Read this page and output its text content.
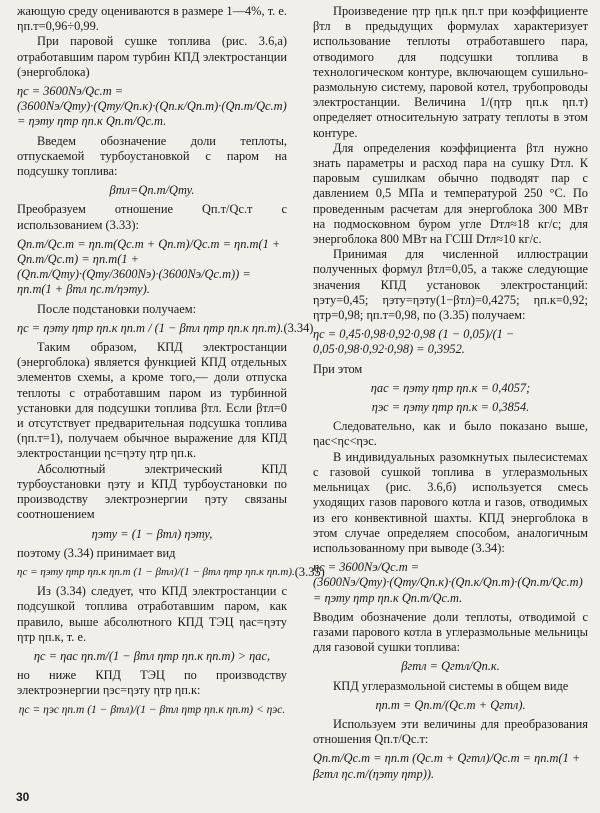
жающую среду оцениваются в размере 1—4%, т. е. ηп.т=0,96÷0,99.

При паровой сушке топлива (рис. 3.6,а) отработавшим паром турбин КПД электростанции (энергоблока)

ηс = 3600Nэ/Qс.т = (3600Nэ/Qту)·(Qту/Qп.к)·(Qп.к/Qп.т)·(Qп.т/Qс.т) = ηэту ηтр ηп.к Qп.т/Qс.т.

Введем обозначение доли теплоты, отпускаемой турбоустановкой с паром на подсушку топлива:

βтл=Qп.т/Qту.

Преобразуем отношение Qп.т/Qс.т с использованием (3.33):

Qп.т/Qс.т = ηп.т(Qс.т + Qп.т)/Qс.т = ηп.т(1 + Qп.т/Qс.т) = ηп.т(1 + (Qп.т/Qту)·(Qту/3600Nэ)·(3600Nэ/Qс.т)) = ηп.т(1 + βтл ηс.т/ηэту).

После подстановки получаем:

ηс = ηэту ηтр ηп.к ηп.т / (1 − βтл ηтр ηп.к ηп.т). (3.34)

Таким образом, КПД электростанции (энергоблока) является функцией КПД отдельных элементов схемы, а кроме того,— доли отпуска теплоты с отработавшим паром из турбинной установки для подсушки топлива βтл. Если βтл=0 и отсутствует предварительная подсушка топлива (ηп.т=1), получаем обычное выражение для КПД электростанции ηс=ηэту ηтр ηп.к.

Абсолютный электрический КПД турбоустановки ηэту и КПД турбоустановки по производству электроэнергии ηэту связаны соотношением

ηэту = (1 − βтл) ηэту,

поэтому (3.34) принимает вид

ηс = ηэту ηтр ηп.к ηп.т (1 − βтл)/(1 − βтл ηтр ηп.к ηп.т). (3.35)

Из (3.34) следует, что КПД электростанции с подсушкой топлива отработавшим паром, как правило, выше абсолютного КПД ТЭЦ ηас=ηэту ηтр ηп.к, т. е.

ηс = ηас ηп.т/(1 − βтл ηтр ηп.к ηп.т) > ηас,

но ниже КПД ТЭЦ по производству электроэнергии ηэс=ηэту ηтр ηп.к:

ηс = ηэс ηп.т (1 − βтл)/(1 − βтл ηтр ηп.к ηп.т) < ηэс.

Произведение ηтр ηп.к ηп.т при коэффициенте βтл в предыдущих формулах характеризует использование теплоты отработавшего пара, отводимого для подсушки топлива в технологическом контуре, включающем сушильно-размольную систему, паровой котел, трубопроводы электростанции. Величина 1/(ηтр ηп.к ηп.т) определяет относительную затрату теплоты в этом контуре.

Для определения коэффициента βтл нужно знать параметры и расход пара на сушку Dтл. К паровым сушилкам обычно подводят пар с давлением 0,5 МПа и температурой 250 °С. По проведенным расчетам для энергоблока 300 МВт на подмосковном буром угле Dтл≈18 кг/с; для энергоблока 800 МВт на ГСШ Dтл≈10 кг/с.

Принимая для численной иллюстрации полученных формул βтл=0,05, а также следующие значения КПД установок электростанций: ηэту=0,45; ηэту=ηэту(1−βтл)=0,4275; ηп.к=0,92; ηтр=0,98; ηп.т=0,98, по (3.35) получаем:

ηс = 0,45·0,98·0,92·0,98 (1 − 0,05)/(1 − 0,05·0,98·0,92·0,98) = 0,3952.

При этом

ηас = ηэту ηтр ηп.к = 0,4057;
ηэс = ηэту ηтр ηп.к = 0,3854.

Следовательно, как и было показано выше, ηас<ηс<ηэс.

В индивидуальных разомкнутых пылесистемах с газовой сушкой топлива в углеразмольных мельницах (рис. 3.6,б) используется смесь уходящих газов парового котла и газов, отводимых из его конвективной шахты. КПД энергоблока в этом случае определяем способом, аналогичным использованному при выводе (3.34):

ηс = 3600Nэ/Qс.т = (3600Nэ/Qту)·(Qту/Qп.к)·(Qп.к/Qп.т)·(Qп.т/Qс.т) = ηэту ηтр ηп.к Qп.т/Qс.т.

Вводим обозначение доли теплоты, отводимой с газами парового котла в углеразмольные мельницы для газовой сушки топлива:

βгтл = Qгтл/Qп.к.

КПД углеразмольной системы в общем виде

ηп.т = Qп.т/(Qс.т + Qгтл).

Используем эти величины для преобразования отношения Qп.т/Qс.т:

Qп.т/Qс.т = ηп.т (Qс.т + Qгтл)/Qс.т = ηп.т(1 + βгтл ηс.т/(ηэту ηтр)).
30
